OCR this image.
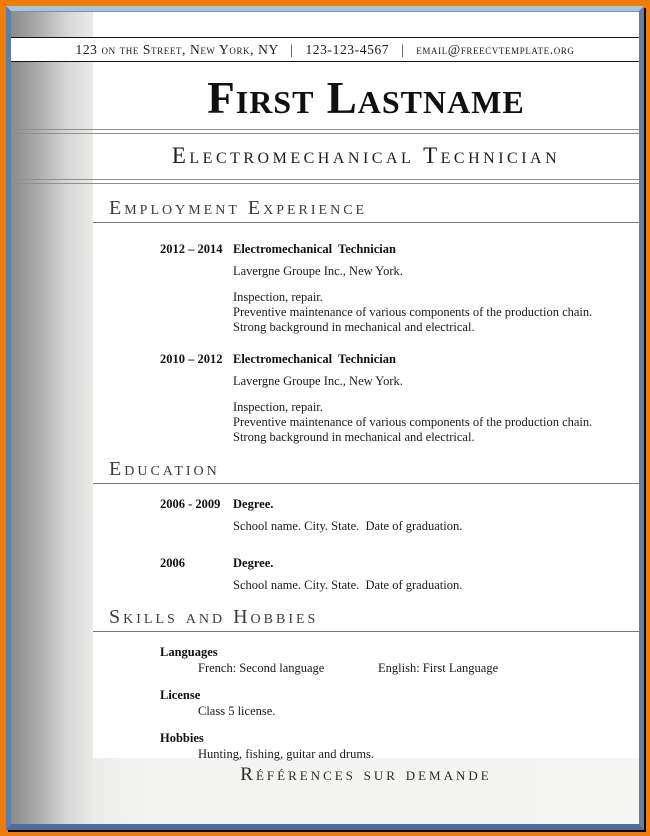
123 on the Street, New York, NY   |   123-123-4567   |   email@freecvtemplate.org
First Lastname
Electromechanical Technician
Employment Experience
2012 – 2014 Electromechanical  Technician
Lavergne Groupe Inc., New York.
Inspection, repair.
Preventive maintenance of various components of the production chain.
Strong background in mechanical and electrical.
2010 – 2012 Electromechanical  Technician
Lavergne Groupe Inc., New York.
Inspection, repair.
Preventive maintenance of various components of the production chain.
Strong background in mechanical and electrical.
Education
2006 - 2009	Degree.
School name. City. State.  Date of graduation.
2006	Degree.
School name. City. State.  Date of graduation.
Skills and Hobbies
Languages
French: Second language	English: First Language
License
Class 5 license.
Hobbies
Hunting, fishing, guitar and drums.
Références sur demande
